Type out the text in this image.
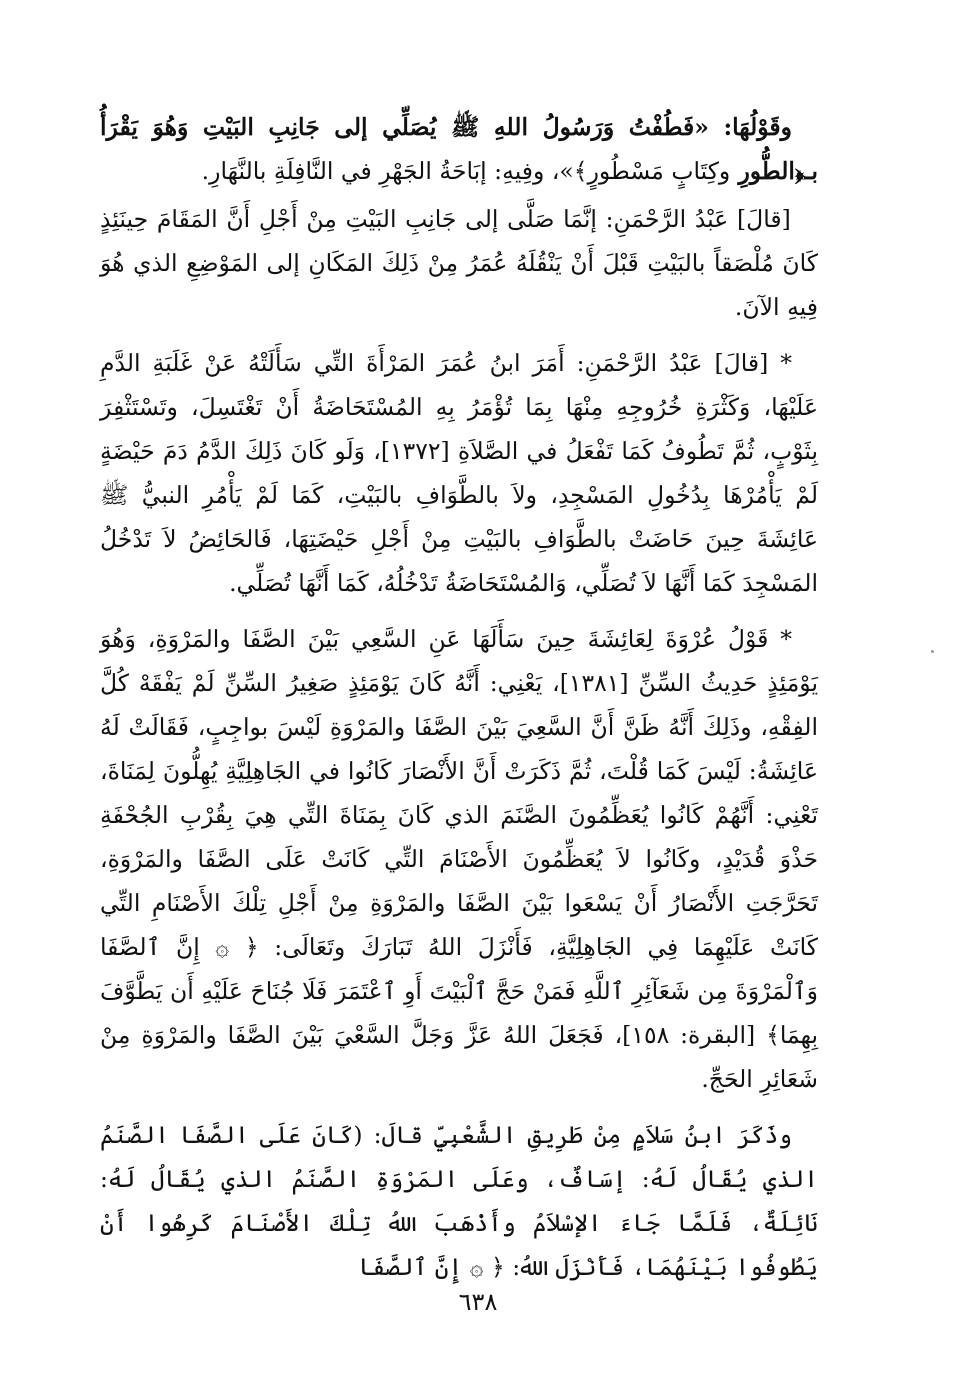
وقَوْلُهَا: «فَطُفْتُ وَرَسُولُ اللهِ ﷺ يُصَلِّي إلى جَانِبِ البَيْتِ وَهُوَ يَقْرَأُ بـ﴿الطُّورِ وكِتَابٍ مَسْطُورٍ﴾»، وفِيهِ: إبَاحَةُ الجَهْرِ في النَّافِلَةِ بالنَّهَارِ.

[قالَ] عَبْدُ الرَّحْمَنِ: إنَّمَا صَلَّى إلى جَانِبِ البَيْتِ مِنْ أَجْلِ أَنَّ المَقَامَ حِينَئِذٍ كَانَ مُلْصَقاً بالبَيْتِ قَبْلَ أَنْ يَنْقُلَهُ عُمَرُ مِنْ ذَلِكَ المَكَانِ إلى المَوْضِعِ الذي هُوَ فِيهِ الآنَ.

* [قالَ] عَبْدُ الرَّحْمَنِ: أَمَرَ ابنُ عُمَرَ المَرْأَةَ التِّي سَأَلَتْهُ عَنْ غَلَبَةِ الدَّمِ عَلَيْهَا، وَكَثْرَةِ خُرُوجِهِ مِنْهَا بِمَا تُؤْمَرُ بِهِ المُسْتَحَاضَةُ أَنْ تَغْتَسِلَ، وتَسْتَثْفِرَ بِثَوْبٍ، ثُمَّ تَطُوفُ كَمَا تَفْعَلُ في الصَّلاَةِ [١٣٧٢]، وَلَو كَانَ ذَلِكَ الدَّمُ دَمَ حَيْضَةٍ لَمْ يَأْمُرْهَا بِدُخُولِ المَسْجِدِ، ولاَ بالطَّوَافِ بالبَيْتِ، كَمَا لَمْ يَأْمُرِ النبيُّ ﷺ عَائِشَةَ حِينَ حَاضَتْ بالطَّوَافِ بالبَيْتِ مِنْ أَجْلِ حَيْضَتِهَا، فَالحَائِضُ لاَ تَدْخُلُ المَسْجِدَ كَمَا أَنَّهَا لاَ تُصَلِّي، وَالمُسْتَحَاضَةُ تَدْخُلُهُ، كَمَا أَنَّهَا تُصَلِّي.

* قَوْلُ عُرْوَةَ لِعَائِشَةَ حِينَ سَأَلَهَا عَنِ السَّعِي بَيْنَ الصَّفَا والمَرْوَةِ، وَهُوَ يَوْمَئِذٍ حَدِيثُ السِّنِّ [١٣٨١]، يَعْنِي: أَنَّهُ كَانَ يَوْمَئِذٍ صَغِيرُ السِّنِّ لَمْ يَفْقَهْ كُلَّ الفِقْهِ، وذَلِكَ أَنَّهُ ظَنَّ أَنَّ السَّعِيَ بَيْنَ الصَّفَا والمَرْوَةِ لَيْسَ بواجِبٍ، فَقَالَتْ لَهُ عَائِشَةُ: لَيْسَ كَمَا قُلْتَ، ثُمَّ ذَكَرَتْ أَنَّ الأَنْصَارَ كَانُوا في الجَاهِلِيَّةِ يُهِلُّونَ لِمَنَاةَ، تَعْنِي: أَنَّهُمْ كَانُوا يُعَظِّمُونَ الصَّنَمَ الذي كَانَ بِمَنَاةَ التِّي هِيَ بِقُرْبِ الجُحْفَةِ حَذْوَ قُدَيْدٍ، وكَانُوا لاَ يُعَظِّمُونَ الأَصْنَامَ التِّي كَانَتْ عَلَى الصَّفَا والمَرْوَةِ، تَحَرَّجَتِ الأَنْصَارُ أَنْ يَسْعَوا بَيْنَ الصَّفَا والمَرْوَةِ مِنْ أَجْلِ تِلْكَ الأَصْنَامِ التِّي كَانَتْ عَلَيْهِمَا فِي الجَاهِلِيَّةِ، فَأَنْزَلَ اللهُ تَبَارَكَ وتَعَالَى: ﴿ ۞ إِنَّ ٱلصَّفَا وَٱلْمَرْوَةَ مِن شَعَآئِرِ ٱللَّهِ فَمَنْ حَجَّ ٱلْبَيْتَ أَوِ ٱعْتَمَرَ فَلَا جُنَاحَ عَلَيْهِ أَن يَطَّوَّفَ بِهِمَا﴾ [البقرة: ١٥٨]، فَجَعَلَ اللهُ عَزَّ وَجَلَّ السَّعْيَ بَيْنَ الصَّفَا والمَرْوَةِ مِنْ شَعَائِرِ الحَجِّ.

وذَكَرَ ابنُ سَلاَمٍ مِنْ طَرِيقِ الشَّعْبِيِّ قالَ: (كَانَ عَلَى الصَّفَا الصَّنَمُ الذي يُقَالُ لَهُ: إسَافٌ، وعَلَى المَرْوَةِ الصَّنَمُ الذي يُقَالُ لَهُ: نَائِلَةٌ، فَلَمَّا جَاءَ الإسْلاَمُ وأَذْهَبَ اللهُ تِلْكَ الأَصْنَامَ كَرِهُوا أَنْ يَطُوفُوا بَيْنَهُمَا، فَأَنْزَلَ اللهُ: ﴿ ۞ إِنَّ ٱلصَّفَا

٦٣٨
